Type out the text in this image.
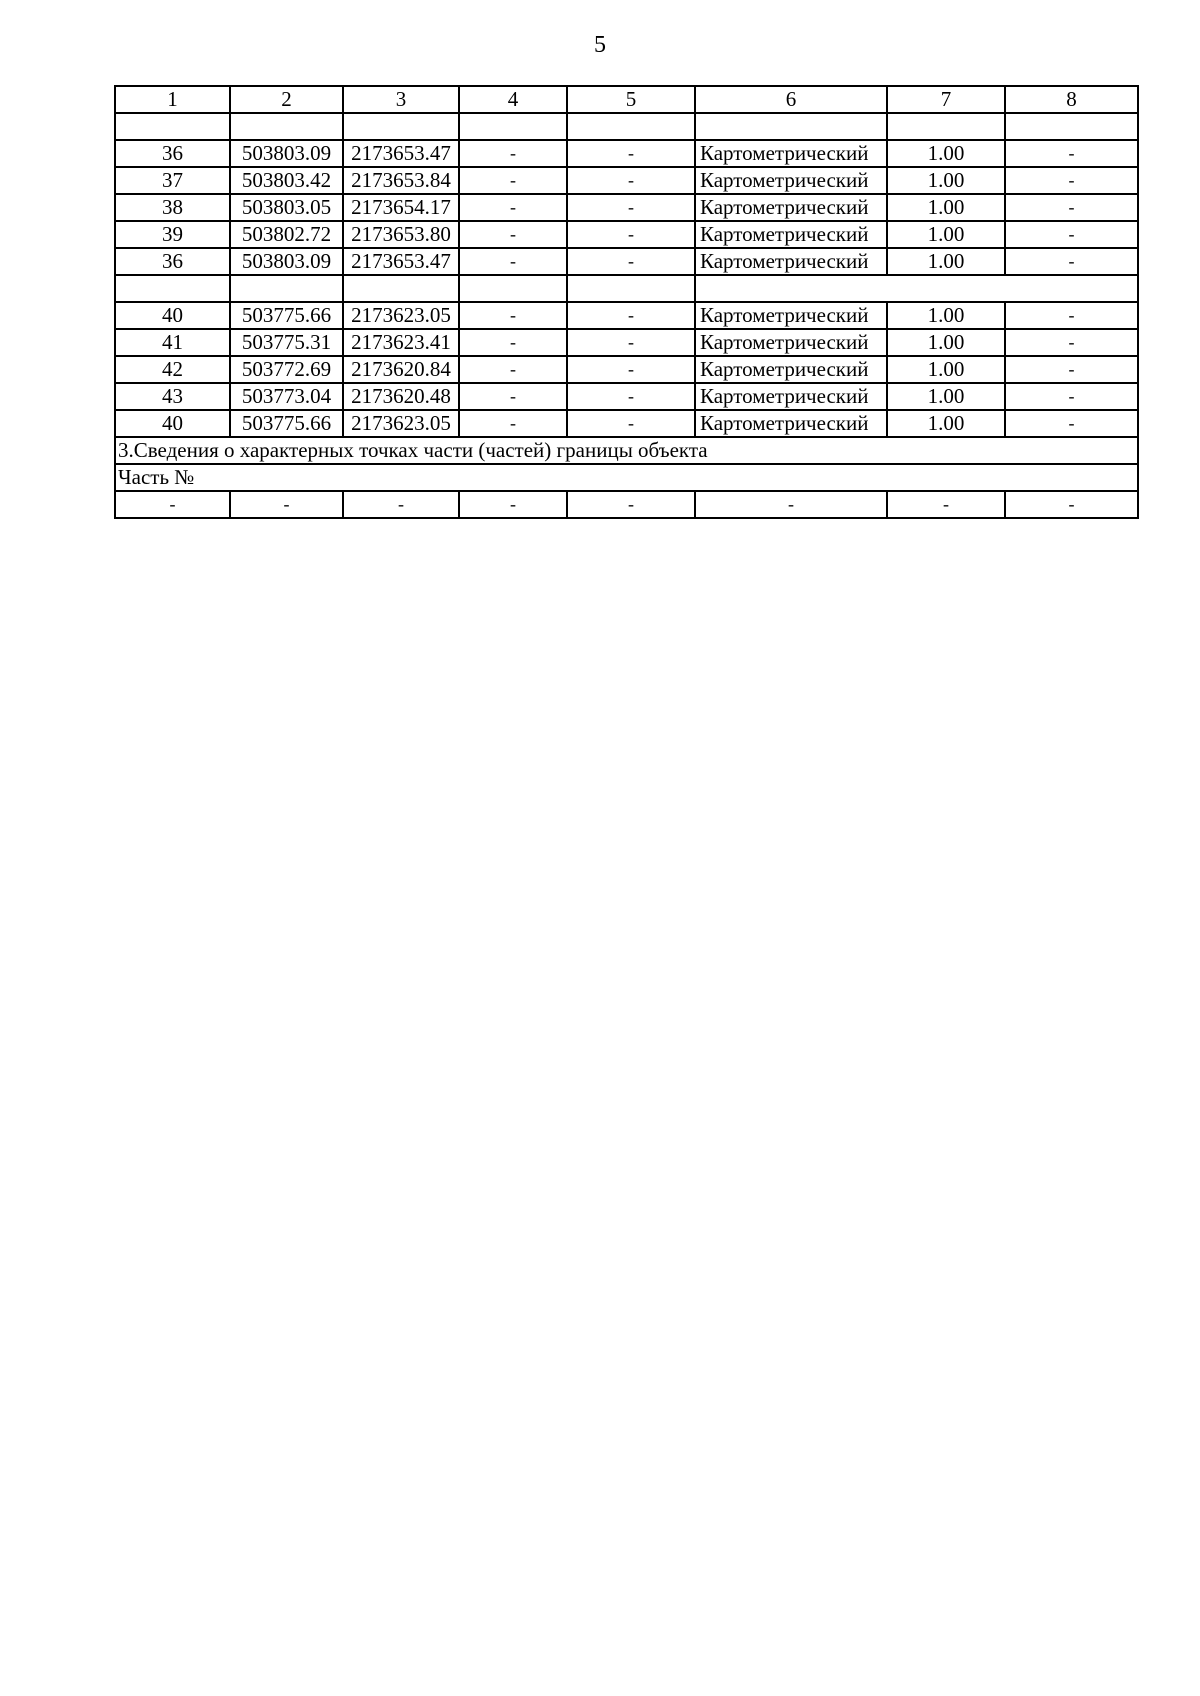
5
1	2	3	4	5	6	7	8

36	503803.09	2173653.47	-	-	Картометрический	1.00	-
37	503803.42	2173653.84	-	-	Картометрический	1.00	-
38	503803.05	2173654.17	-	-	Картометрический	1.00	-
39	503802.72	2173653.80	-	-	Картометрический	1.00	-
36	503803.09	2173653.47	-	-	Картометрический	1.00	-

40	503775.66	2173623.05	-	-	Картометрический	1.00	-
41	503775.31	2173623.41	-	-	Картометрический	1.00	-
42	503772.69	2173620.84	-	-	Картометрический	1.00	-
43	503773.04	2173620.48	-	-	Картометрический	1.00	-
40	503775.66	2173623.05	-	-	Картометрический	1.00	-
3.Сведения о характерных точках части (частей) границы объекта							
Часть №							
-	-	-	-	-	-	-	-
